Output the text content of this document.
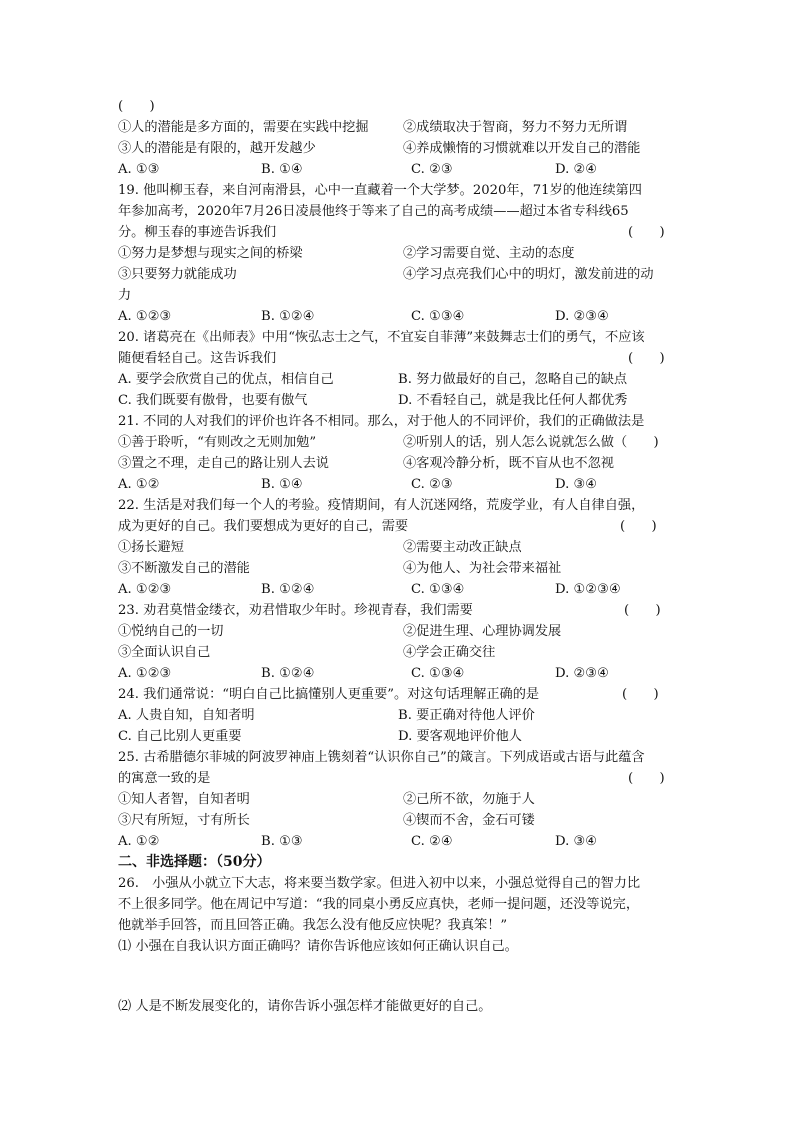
(　　)
①人的潜能是多方面的，需要在实践中挖掘	②成绩取决于智商，努力不努力无所谓
③人的潜能是有限的，越开发越少	④养成懒惰的习惯就难以开发自己的潜能
A. ①③	B. ①④	C. ②③	D. ②④
19. 他叫柳玉春，来自河南滑县，心中一直藏着一个大学梦。2020年，71岁的他连续第四
年参加高考，2020年7月26日凌晨他终于等来了自己的高考成绩——超过本省专科线65
分。柳玉春的事迹告诉我们	(　　)
①努力是梦想与现实之间的桥梁	②学习需要自觉、主动的态度
③只要努力就能成功	④学习点亮我们心中的明灯，激发前进的动
力
A. ①②③	B. ①②④	C. ①③④	D. ②③④
20. 诸葛亮在《出师表》中用“恢弘志士之气，不宜妄自菲薄”来鼓舞志士们的勇气，不应该
随便看轻自己。这告诉我们	(　　)
A. 要学会欣赏自己的优点，相信自己	B. 努力做最好的自己，忽略自己的缺点
C. 我们既要有傲骨，也要有傲气	D. 不看轻自己，就是我比任何人都优秀
21. 不同的人对我们的评价也许各不相同。那么，对于他人的不同评价，我们的正确做法是
①善于聆听，“有则改之无则加勉”	②听别人的话，别人怎么说就怎么做（　　)
③置之不理，走自己的路让别人去说	④客观冷静分析，既不盲从也不忽视
A. ①②	B. ①④	C. ②③	D. ③④
22. 生活是对我们每一个人的考验。疫情期间，有人沉迷网络，荒废学业，有人自律自强，
成为更好的自己。我们要想成为更好的自己，需要	(　　)
①扬长避短	②需要主动改正缺点
③不断激发自己的潜能	④为他人、为社会带来福祉
A. ①②③	B. ①②④	C. ①③④	D. ①②③④
23. 劝君莫惜金缕衣，劝君惜取少年时。珍视青春，我们需要	(　　)
①悦纳自己的一切	②促进生理、心理协调发展
③全面认识自己	④学会正确交往
A. ①②③	B. ①②④	C. ①③④	D. ②③④
24. 我们通常说：“明白自己比搞懂别人更重要”。对这句话理解正确的是	(　　)
A. 人贵自知，自知者明	B. 要正确对待他人评价
C. 自己比别人更重要	D. 要客观地评价他人
25. 古希腊德尔菲城的阿波罗神庙上镌刻着“认识你自己”的箴言。下列成语或古语与此蕴含
的寓意一致的是	(　　)
①知人者智，自知者明	②己所不欲，勿施于人
③尺有所短，寸有所长	④锲而不舍，金石可镂
A. ①②	B. ①③	C. ②④	D. ③④
二、非选择题：（50分）
26.　小强从小就立下大志，将来要当数学家。但进入初中以来，小强总觉得自己的智力比
不上很多同学。他在周记中写道：“我的同桌小勇反应真快，老师一提问题，还没等说完，
他就举手回答，而且回答正确。我怎么没有他反应快呢？我真笨！”
⑴ 小强在自我认识方面正确吗？请你告诉他应该如何正确认识自己。
⑵ 人是不断发展变化的，请你告诉小强怎样才能做更好的自己。
